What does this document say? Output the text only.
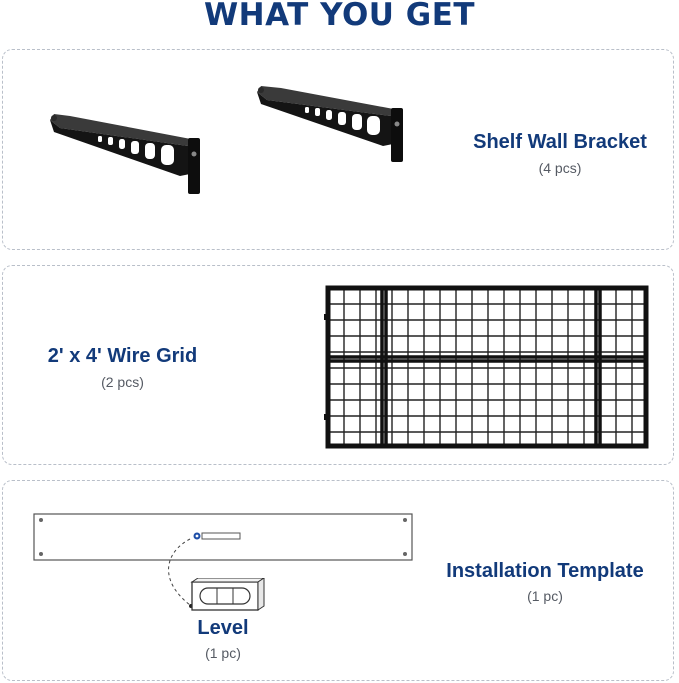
WHAT YOU GET
Shelf Wall Bracket
(4 pcs)
2' x 4' Wire Grid
(2 pcs)
Installation Template
(1 pc)
Level
(1 pc)
